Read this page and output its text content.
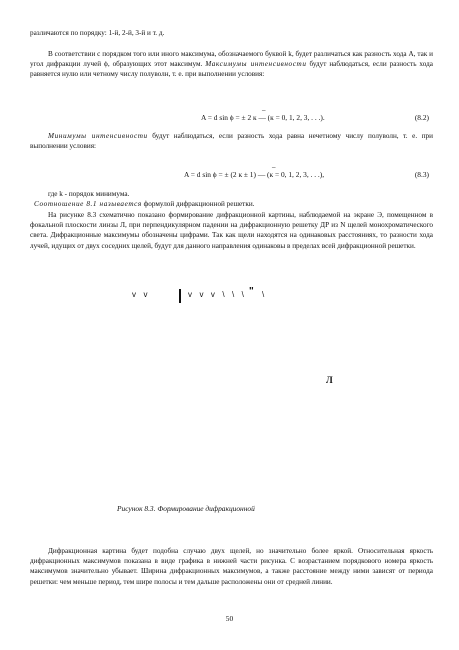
различаются по порядку: 1-й, 2-й, 3-й и т. д.

В соответствии с порядком того или иного максимума, обозначаемого буквой k, будет различаться как разность хода А, так и угол дифракции лучей ϕ, образующих этот максимум. Максимумы интенсивности будут наблюдаться, если разность хода равняется нулю или четному числу полуволн, т. е. при выполнении условия:

_
A = d sin ϕ = ± 2 к — (к = 0, 1, 2, 3, . . .).	(8.2)

Минимумы интенсивности будут наблюдаться, если разность хода равна нечетному числу полуволн, т. е. при выполнении условия:

_
A = d sin ϕ = ± (2 к ± 1) — (к = 0, 1, 2, 3, . . .),	(8.3)

где k - порядок минимума.

Соотношение 8.1 называется формулой дифракционной решетки.

На рисунке 8.3 схематично показано формирование дифракционной картины, наблюдаемой на экране Э, помещенном в фокальной плоскости линзы Л, при перпендикулярном падении на дифракционную решетку ДР из N щелей монохроматического света. Дифракционные максимумы обозначены цифрами. Так как щели находятся на одинаковых расстояниях, то разности хода лучей, идущих от двух соседних щелей, будут для данного направления одинаковы в пределах всей дифракционной решетки.

v  v	v  v  v  \  \  \ " \
Л
Рисунок 8.3. Формирование дифракционной

Дифракционная картина будет подобна случаю двух щелей, но значительно более яркой. Относительная яркость дифракционных максимумов показана в виде графика в нижней части рисунка. С возрастанием порядкового номера яркость максимумов значительно убывает. Ширина дифракционных максимумов, а также расстояние между ними зависят от периода решетки: чем меньше период, тем шире полосы и тем дальше расположены они от средней линии.

50
